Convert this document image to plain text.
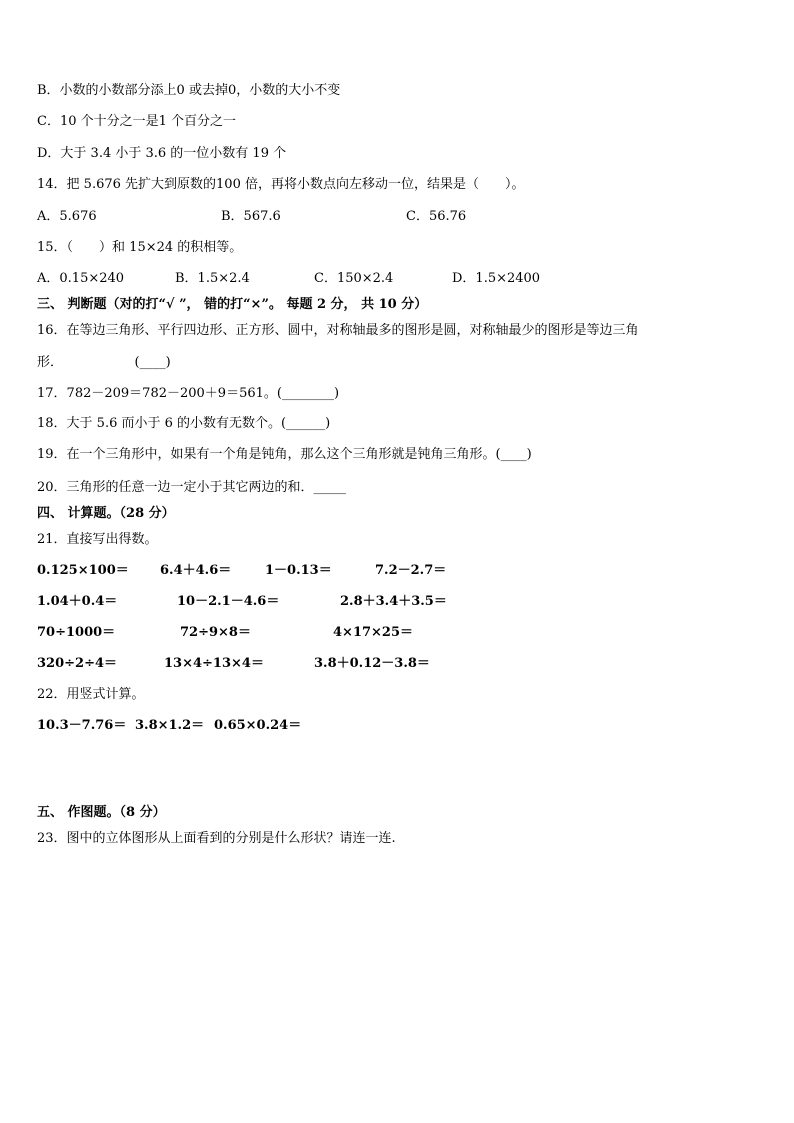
B．小数的小数部分添上0 或去掉0，小数的大小不变
C．10 个十分之一是1 个百分之一
D．大于 3.4 小于 3.6 的一位小数有 19 个
14．把 5.676 先扩大到原数的100 倍，再将小数点向左移动一位，结果是（　　）。
A．5.676	B．567.6	C．56.76
15．（　　）和 15×24 的积相等。
A．0.15×240	B．1.5×2.4	C．150×2.4	D．1.5×2400
三、 判断题（对的打“√ ”， 错的打“×”。 每题 2 分， 共 10 分）
16．在等边三角形、平行四边形、正方形、圆中，对称轴最多的图形是圆，对称轴最少的图形是等边三角
形．　　　　　　(____)
17．782－209＝782－200＋9＝561。(________)
18．大于 5.6 而小于 6 的小数有无数个。(______)
19．在一个三角形中，如果有一个角是钝角，那么这个三角形就是钝角三角形。(____)
20．三角形的任意一边一定小于其它两边的和．_____
四、 计算题。（28 分）
21．直接写出得数。
0.125×100＝ 6.4＋4.6＝	1－0.13＝	7.2－2.7＝
1.04＋0.4＝	10－2.1－4.6＝	2.8＋3.4＋3.5＝
70÷1000＝	72÷9×8＝	4×17×25＝
320÷2÷4＝	13×4÷13×4＝	3.8＋0.12－3.8＝
22．用竖式计算。
10.3－7.76＝ 3.8×1.2＝ 0.65×0.24＝
五、 作图题。（8 分）
23．图中的立体图形从上面看到的分别是什么形状？请连一连.
